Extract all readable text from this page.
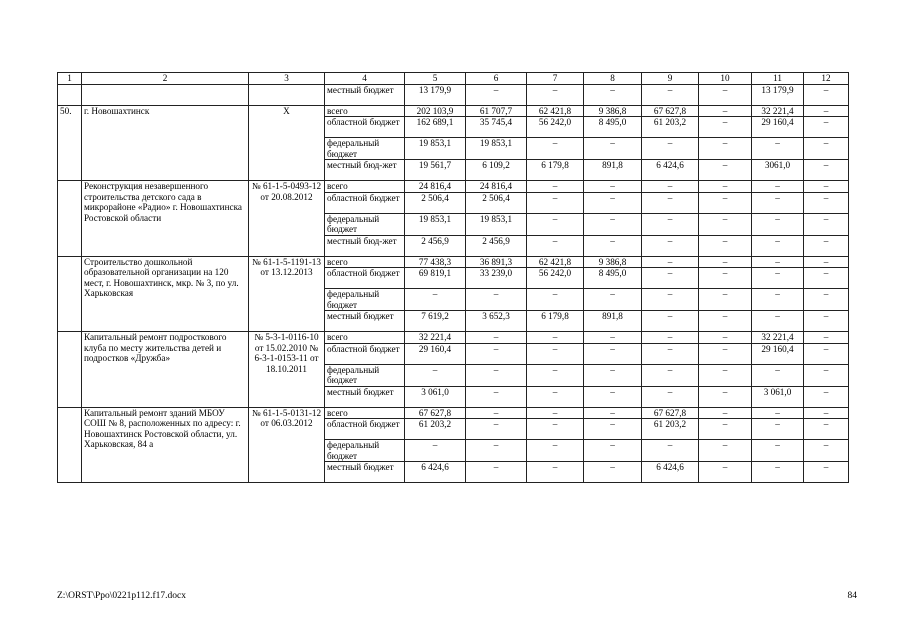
1	2	3	4	5	6	7	8	9	10	11	12
			местный бюджет	13 179,9	–	–	–	–	–	13 179,9	–
50.	г. Новошахтинск	Х	всего	202 103,9	61 707,7	62 421,8	9 386,8	67 627,8	–	32 221,4	–
			областной бюджет	162 689,1	35 745,4	56 242,0	8 495,0	61 203,2	–	29 160,4	–
			федеральный бюджет	19 853,1	19 853,1	–	–	–	–	–	–
			местный бюд-жет	19 561,7	6 109,2	6 179,8	891,8	6 424,6	–	3061,0	–
	Реконструкция незавершенного строительства детского сада в микрорайоне «Радио» г. Новошахтинска Ростовской области	№ 61-1-5-0493-12 от 20.08.2012	всего	24 816,4	24 816,4	–	–	–	–	–	–
			областной бюджет	2 506,4	2 506,4	–	–	–	–	–	–
			федеральный бюджет	19 853,1	19 853,1	–	–	–	–	–	–
			местный бюд-жет	2 456,9	2 456,9	–	–	–	–	–	–
	Строительство дошкольной образовательной организации на 120 мест, г. Новошахтинск, мкр. № 3, по ул. Харьковская	№ 61-1-5-1191-13 от 13.12.2013	всего	77 438,3	36 891,3	62 421,8	9 386,8	–	–	–	–
			областной бюджет	69 819,1	33 239,0	56 242,0	8 495,0	–	–	–	–
			федеральный бюджет	–	–	–	–	–	–	–	–
			местный бюджет	7 619,2	3 652,3	6 179,8	891,8	–	–	–	–
	Капитальный ремонт подросткового клуба по месту жительства детей и подростков «Дружба»	№ 5-3-1-0116-10 от 15.02.2010 № 6-3-1-0153-11 от 18.10.2011	всего	32 221,4	–	–	–	–	–	32 221,4	–
			областной бюджет	29 160,4	–	–	–	–	–	29 160,4	–
			федеральный бюджет	–	–	–	–	–	–	–	–
			местный бюджет	3 061,0	–	–	–	–	–	3 061,0	–
	Капитальный ремонт зданий МБОУ СОШ № 8, расположенных по адресу: г. Новошахтинск Ростовской области, ул. Харьковская, 84 а	№ 61-1-5-0131-12 от 06.03.2012	всего	67 627,8	–	–	–	67 627,8	–	–	–
			областной бюджет	61 203,2	–	–	–	61 203,2	–	–	–
			федеральный бюджет	–	–	–	–	–	–	–	–
			местный бюджет	6 424,6	–	–	–	6 424,6	–	–	–
Z:\ORST\Ppo\0221p112.f17.docx	84
